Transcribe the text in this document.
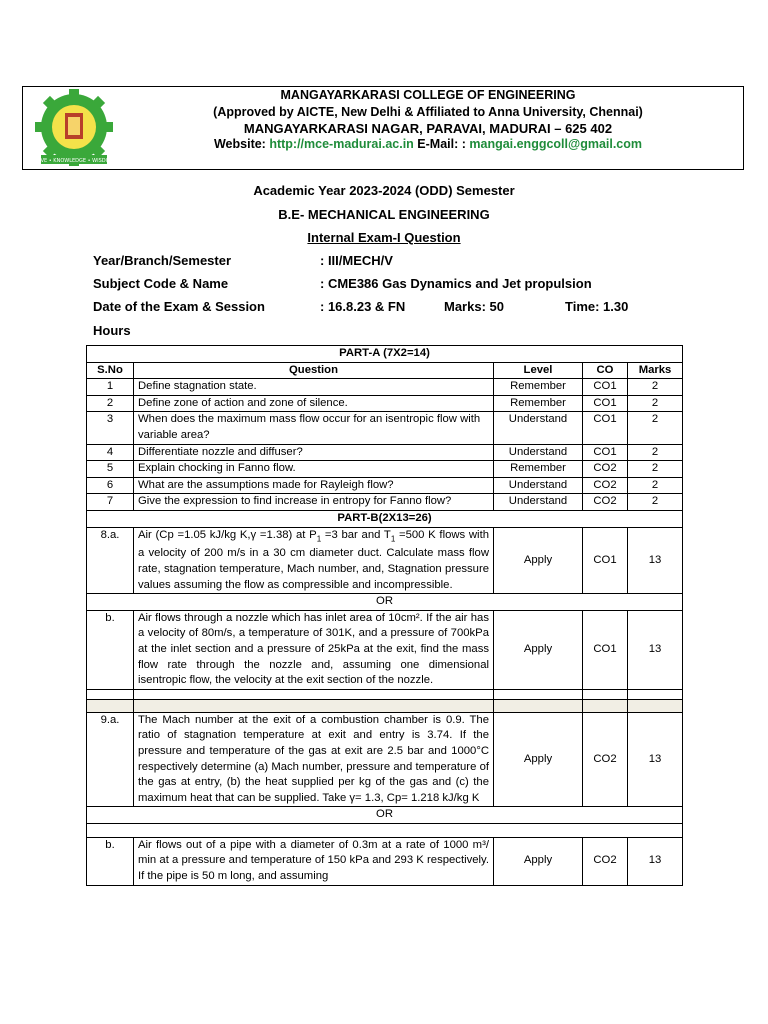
LOVE • KNOWLEDGE • WISDOM
MANGAYARKARASI COLLEGE OF ENGINEERING
(Approved by AICTE, New Delhi & Affiliated to Anna University, Chennai)
MANGAYARKARASI NAGAR, PARAVAI, MADURAI – 625 402
Website: http://mce-madurai.ac.in E-Mail: : mangai.enggcoll@gmail.com
Academic Year 2023-2024 (ODD) Semester
B.E- MECHANICAL ENGINEERING
Internal Exam-I Question
Year/Branch/Semester	: III/MECH/V
Subject Code & Name	: CME386 Gas Dynamics and Jet propulsion
Date of the Exam & Session	: 16.8.23 & FN	Marks: 50	Time: 1.30
Hours
PART-A (7X2=14)				
S.No	Question	Level	CO	Marks
1	Define stagnation state.	Remember	CO1	2
2	Define zone of action and zone of silence.	Remember	CO1	2
3	When does the maximum mass flow occur for an isentropic flow with variable area?	Understand	CO1	2
4	Differentiate nozzle and diffuser?	Understand	CO1	2
5	Explain chocking in Fanno flow.	Remember	CO2	2
6	What are the assumptions made for Rayleigh flow?	Understand	CO2	2
7	Give the expression to find increase in entropy for Fanno flow?	Understand	CO2	2
PART-B(2X13=26)				
8.a.	Air (Cp =1.05 kJ/kg K,γ =1.38) at $P_1 =3$ bar and $T_1 =500$ K flows with a velocity of 200 m/s in a 30 cm diameter duct. Calculate mass flow rate, stagnation temperature, Mach number, and, Stagnation pressure values assuming the flow as compressible and incompressible.	Apply	CO1	13
OR				
b.	Air flows through a nozzle which has inlet area of 10cm². If the air has a velocity of 80m/s, a temperature of 301K, and a pressure of 700kPa at the inlet section and a pressure of 25kPa at the exit, find the mass flow rate through the nozzle and, assuming one dimensional isentropic flow, the velocity at the exit section of the nozzle.	Apply	CO1	13

9.a.	The Mach number at the exit of a combustion chamber is 0.9. The ratio of stagnation temperature at exit and entry is 3.74. If the pressure and temperature of the gas at exit are 2.5 bar and 1000°C respectively determine (a) Mach number, pressure and temperature of the gas at entry, (b) the heat supplied per kg of the gas and (c) the maximum heat that can be supplied. Take γ= 1.3, Cp= 1.218 kJ/kg K	Apply	CO2	13
OR				

b.	Air flows out of a pipe with a diameter of 0.3m at a rate of 1000 m³/ min at a pressure and temperature of 150 kPa and 293 K respectively. If the pipe is 50 m long, and assuming	Apply	CO2	13
